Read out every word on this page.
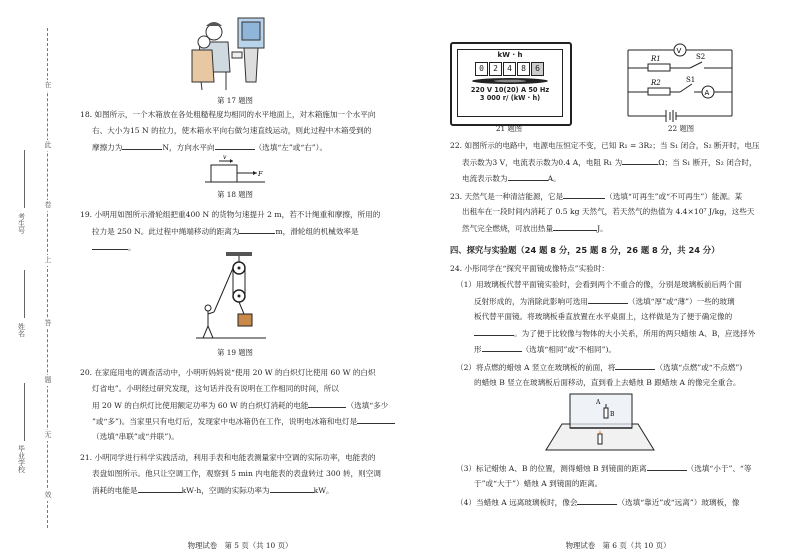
在
此
卷
上
答
题
无
效
考生号
姓名
毕业学校
第 17 题图

18. 如图所示，一个木箱放在各处粗糙程度均相同的水平地面上，对木箱施加一个水平向

右、大小为15 N 的拉力，使木箱水平向右做匀速直线运动，则此过程中木箱受到的

摩擦力为	N，方向水平向	（选填“左”或“右”）。

v
F
第 18 题图

19. 小明用如图所示滑轮组把重400 N 的货物匀速提升 2 m，若不计绳重和摩擦，所用的

拉力是 250 N。此过程中绳端移动的距离为	m，滑轮组的机械效率是

。

第 19 题图

20. 在家庭用电的调查活动中，小明听妈妈说“使用 20 W 的白炽灯比使用 60 W 的白炽

灯省电”。小明经过研究发现，这句话并没有说明在工作相同的时间，所以

用 20 W 的白炽灯比使用额定功率为 60 W 的白炽灯消耗的电能	（选填“多少

”或“多”)。当家里只有电灯后，发现家中电冰箱仍在工作，说明电冰箱和电灯是

（选填“串联”或“并联”)。

21. 小明同学进行科学实践活动，利用手表和电能表测量家中空调的实际功率，电能表的

表盘如图所示。他只让空调工作，观察到 5 min 内电能表的表盘转过 300 转，则空调

消耗的电能是	kW·h，空调的实际功率为	kW。

物理试卷　第 5 页（共 10 页）
kW · h
0 2 4 8 6
220 V 10(20) A 50 Hz
3 000 r/ (kW · h)
21 题图
V
A
R1
R2
S2
S1
22 题图

22. 如图所示的电路中，电源电压恒定不变，已知 R₁ = 3R₂；当 S₁ 闭合，S₂ 断开时，电压

表示数为3 V，电流表示数为0.4 A，电阻 R₁ 为	Ω；当 S₁ 断开，S₂ 闭合时，

电流表示数为	A。

23. 天然气是一种清洁能源，它是	（选填“可再生”或“不可再生”）能源。某

出租车在一段时间内消耗了 0.5 kg 天然气，若天然气的热值为 4.4×10⁷ J/kg，这些天

然气完全燃烧，可放出热量	J。

四、探究与实验题（24 题 8 分，25 题 8 分，26 题 8 分，共 24 分）

24. 小彤同学在“探究平面镜成像特点”实验时：

（1）用玻璃板代替平面镜实验时，会看到两个不重合的像，分别是玻璃板前后两个面

反射形成的，为消除此影响可选用	（选填“厚”或“薄”）一些的玻璃

板代替平面镜。将玻璃板垂直放置在水平桌面上，这样做是为了便于确定像的

。为了便于比较像与物体的大小关系，所用的两只蜡烛 A、B，应选择外

形	（选填“相同”或“不相同”)。

（2）将点燃的蜡烛 A 竖立在玻璃板的前面，将	（选填“点燃”或“不点燃”)

的蜡烛 B 竖立在玻璃板后面移动，直到看上去蜡烛 B 跟蜡烛 A 的像完全重合。

A
B

（3）标记蜡烛 A、B 的位置，测得蜡烛 B 到镜面的距离	（选填“小于”、“等

于”或“大于”）蜡烛 A 到镜面的距离。

（4）当蜡烛 A 远离玻璃板时，像会	（选填“靠近”或“远离”）玻璃板，像

物理试卷　第 6 页（共 10 页）
